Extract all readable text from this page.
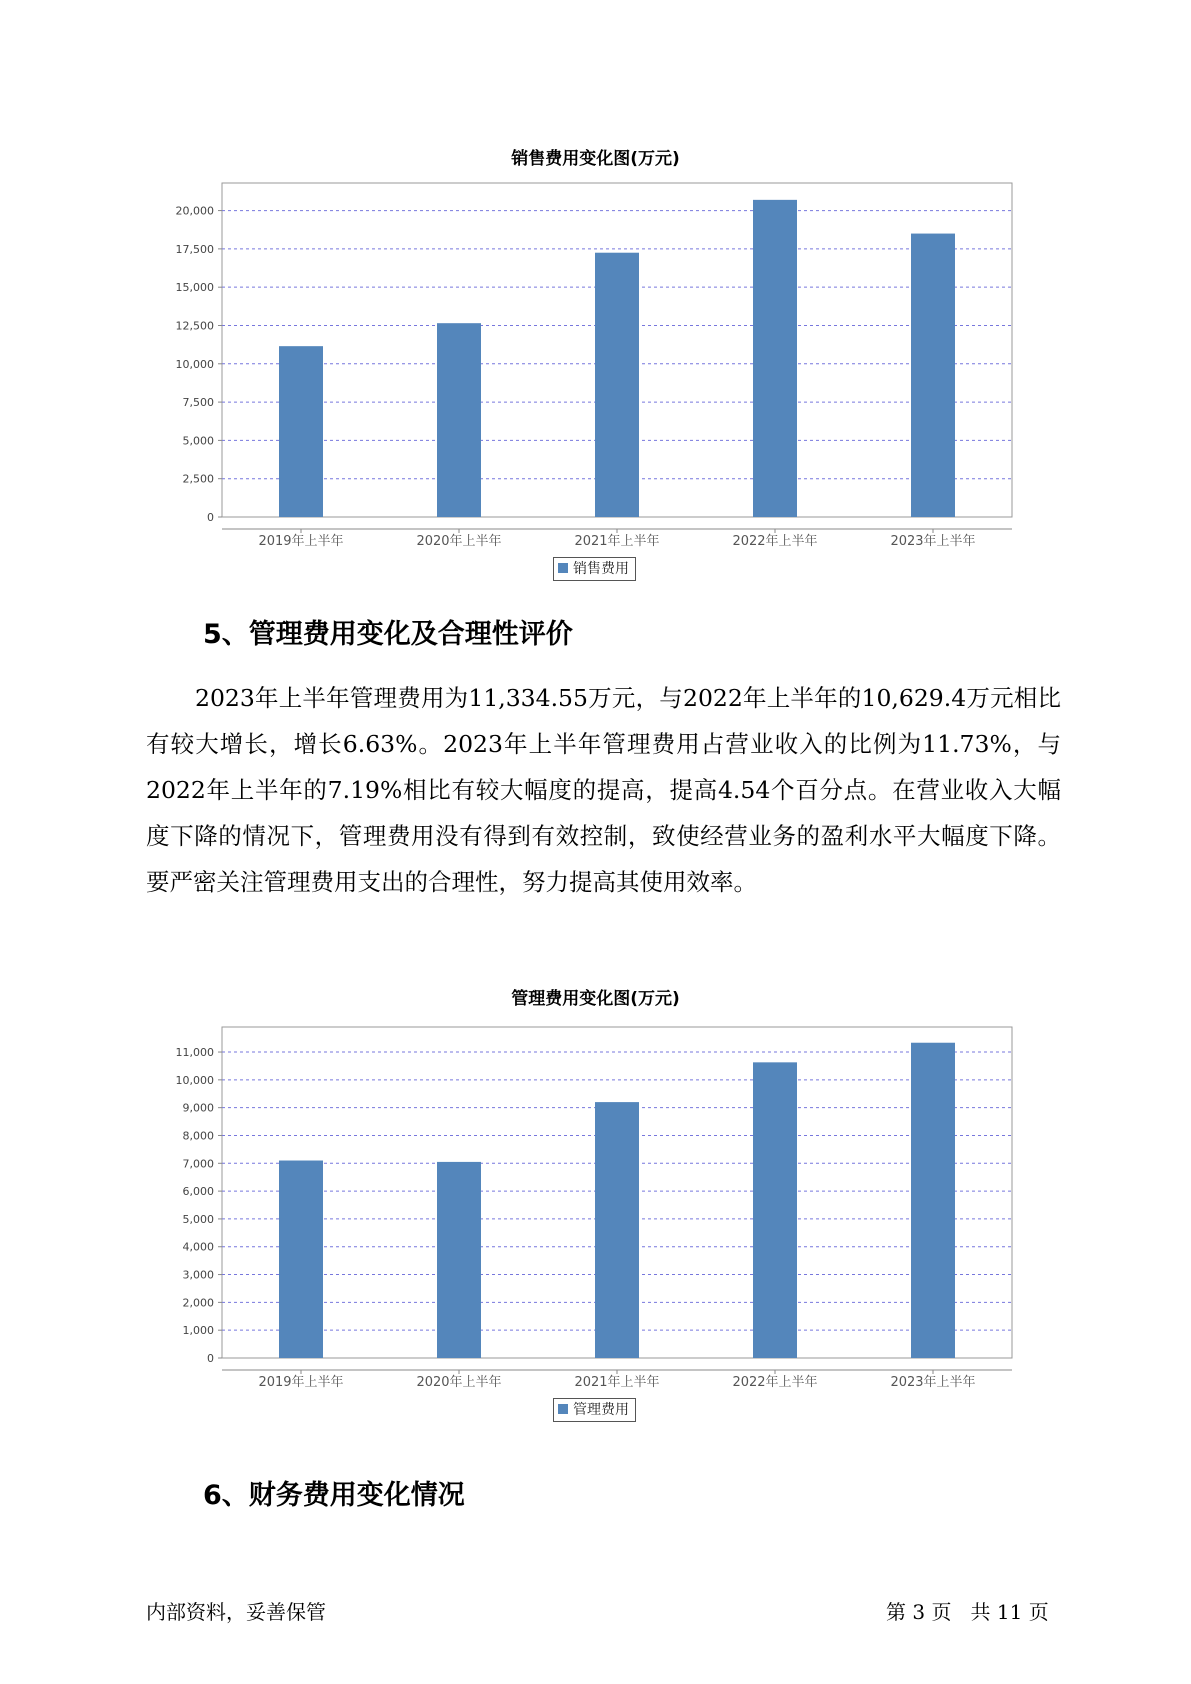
销售费用变化图(万元)
0
2,500
5,000
7,500
10,000
12,500
15,000
17,500
20,000
2019年上半年	2020年上半年	2021年上半年	2022年上半年	2023年上半年
销售费用
5、管理费用变化及合理性评价

2023年上半年管理费用为11,334.55万元，与2022年上半年的10,629.4万元相比有较大增长，增长6.63%。2023年上半年管理费用占营业收入的比例为11.73%，与2022年上半年的7.19%相比有较大幅度的提高，提高4.54个百分点。在营业收入大幅度下降的情况下，管理费用没有得到有效控制，致使经营业务的盈利水平大幅度下降。要严密关注管理费用支出的合理性，努力提高其使用效率。

管理费用变化图(万元)
0
1,000
2,000
3,000
4,000
5,000
6,000
7,000
8,000
9,000
10,000
11,000
2019年上半年	2020年上半年	2021年上半年	2022年上半年	2023年上半年
管理费用
6、财务费用变化情况
内部资料，妥善保管	第 3 页 共 11 页
